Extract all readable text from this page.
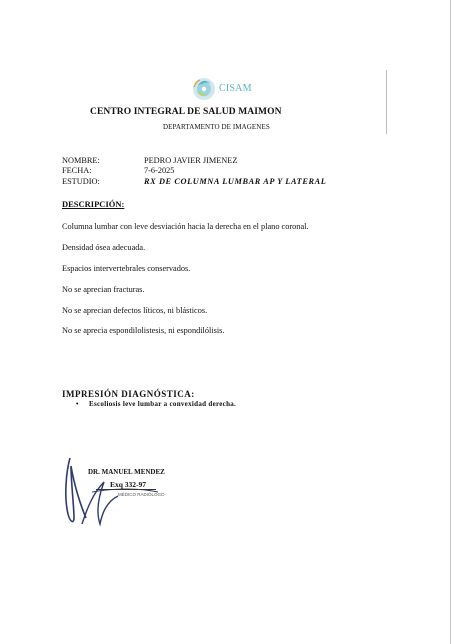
CISAM
CENTRO INTEGRAL DE SALUD MAIMON
DEPARTAMENTO DE IMAGENES
NOMBRE:	PEDRO JAVIER JIMENEZ
FECHA:	7-6-2025
ESTUDIO:	RX DE COLUMNA LUMBAR AP Y LATERAL
DESCRIPCIÓN:

Columna lumbar con leve desviación hacia la derecha en el plano coronal.

Densidad ósea adecuada.

Espacios intervertebrales conservados.

No se aprecian fracturas.

No se aprecian defectos líticos, ni blásticos.

No se aprecia espondilolistesis, ni espondilólisis.

IMPRESIÓN DIAGNÓSTICA:
• Escoliosis leve lumbar a convexidad derecha.
DR. MANUEL MENDEZ
Exq 332-97
MÉDICO RADIÓLOGO
